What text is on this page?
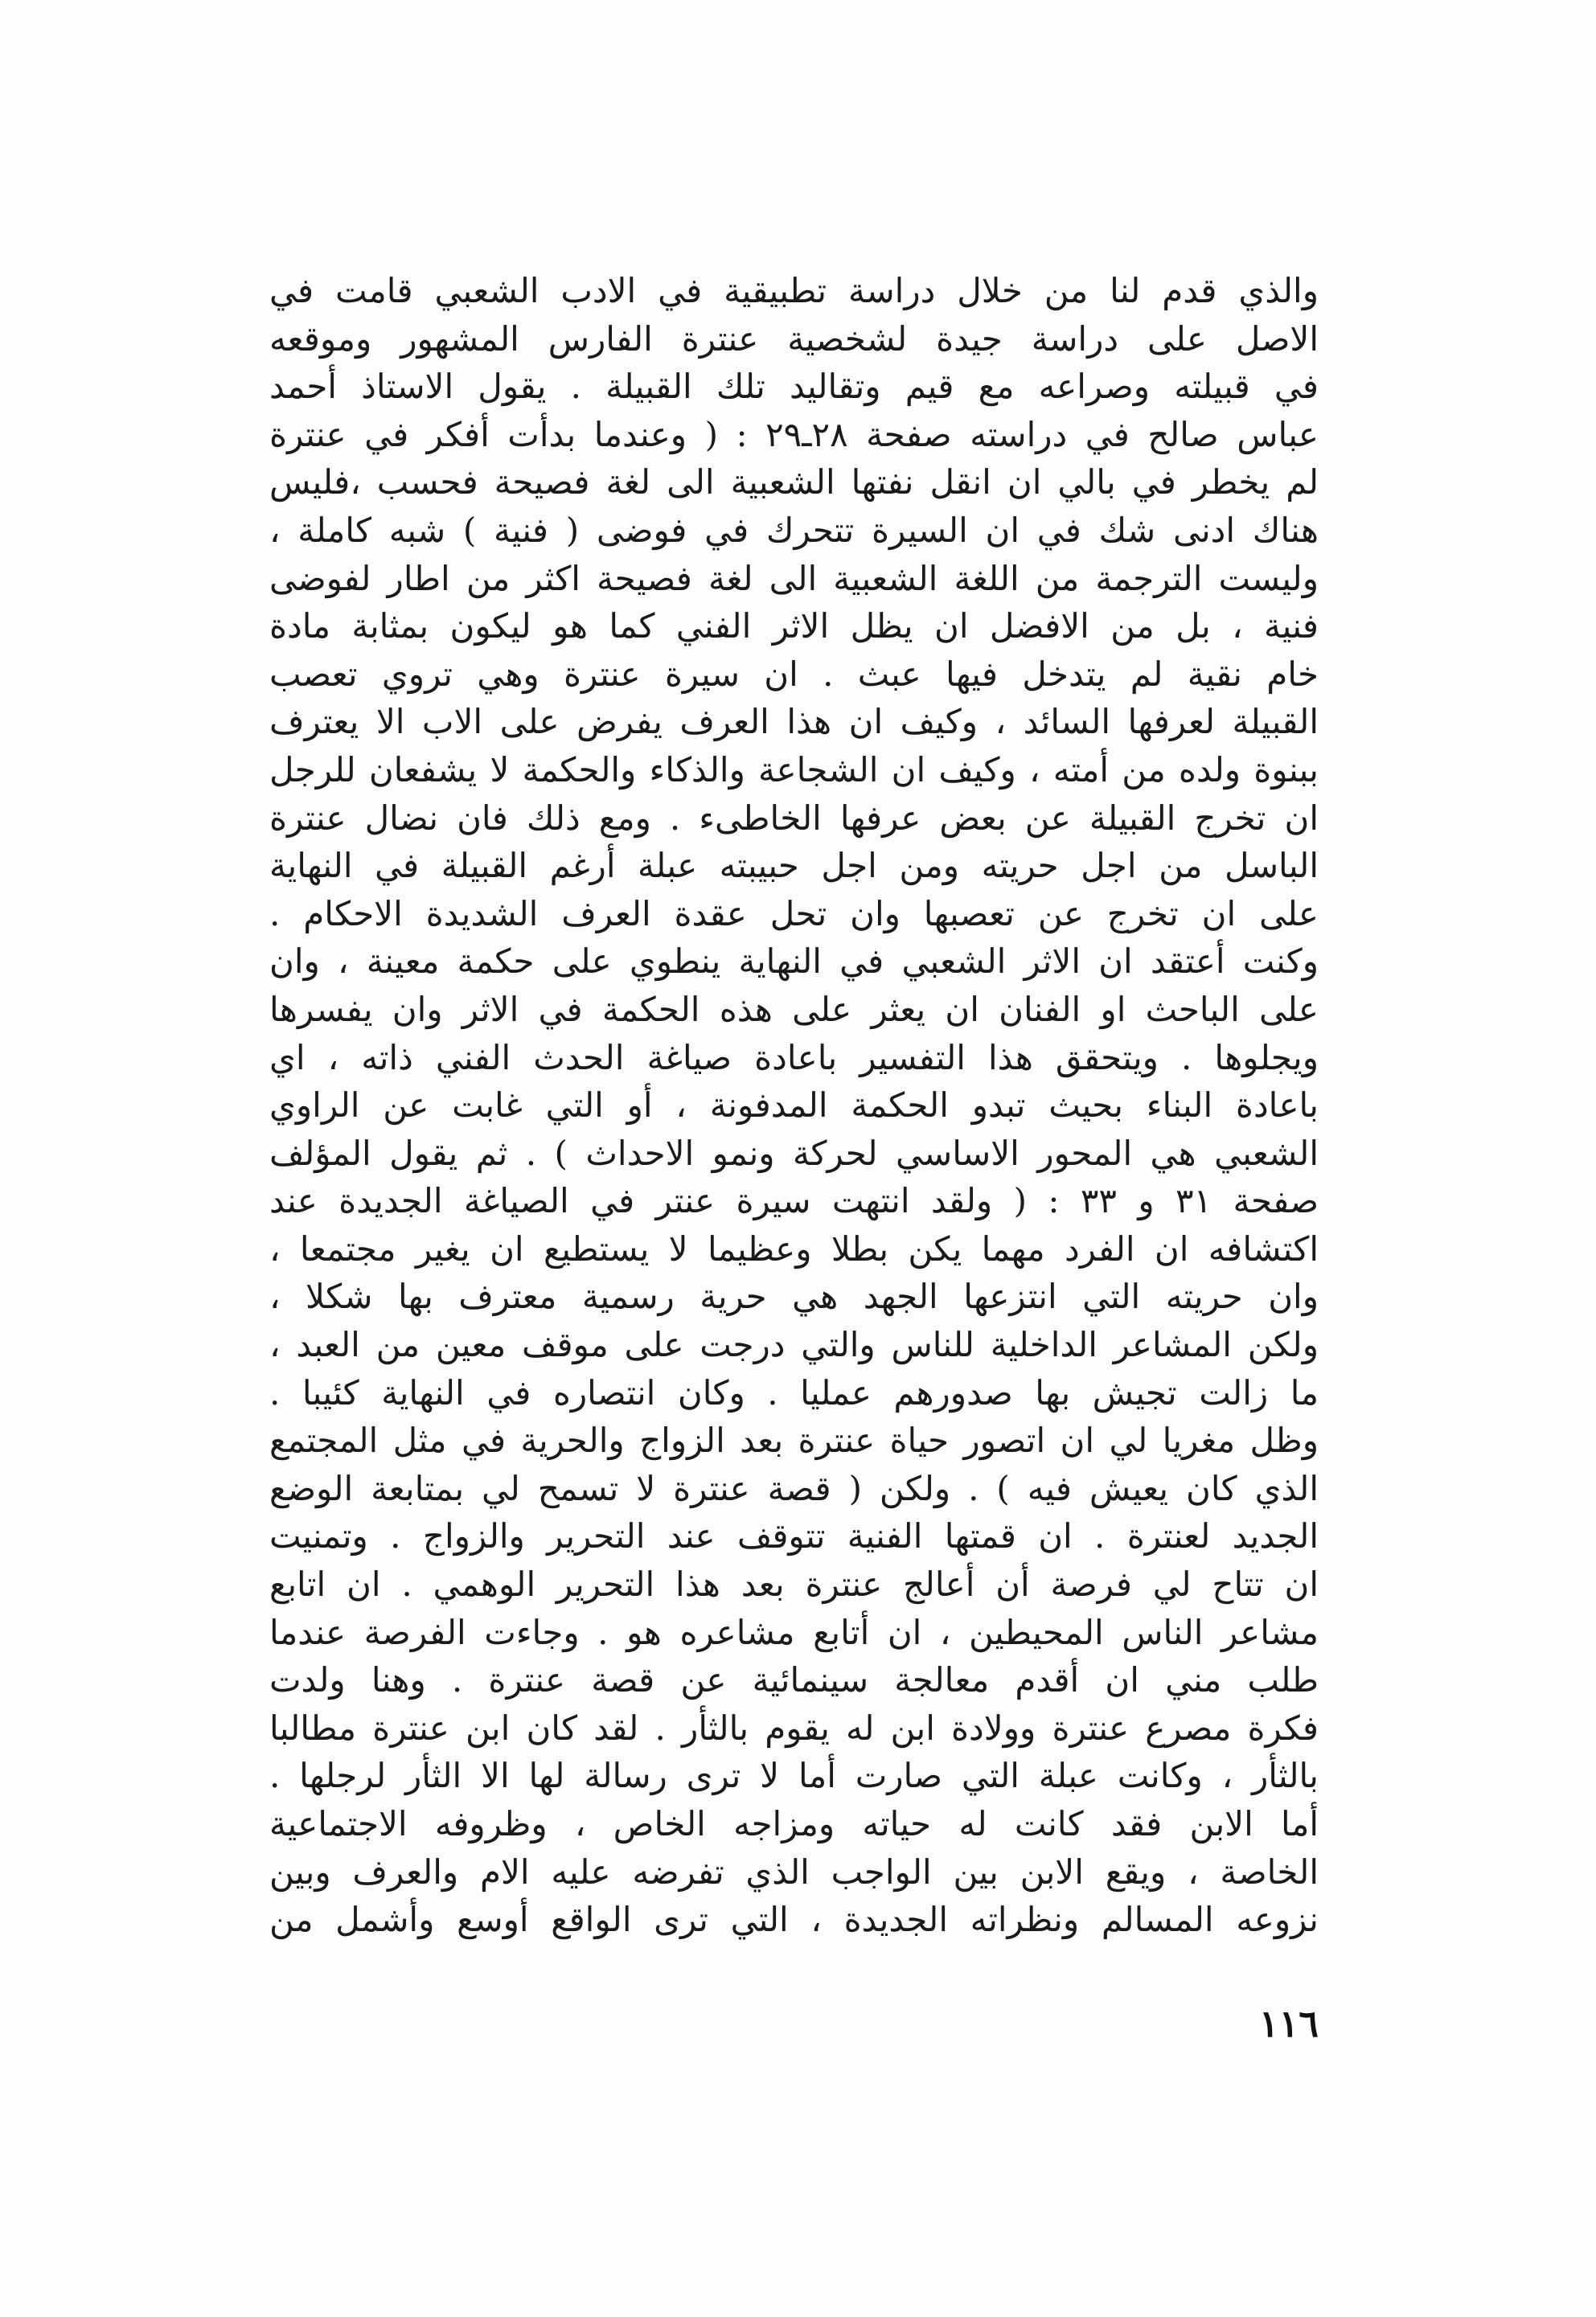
والذي قدم لنا من خلال دراسة تطبيقية في الادب الشعبي قامت في
الاصل على دراسة جيدة لشخصية عنترة الفارس المشهور وموقعه
في قبيلته وصراعه مع قيم وتقاليد تلك القبيلة . يقول الاستاذ أحمد
عباس صالح في دراسته صفحة ٢٨ـ٢٩ : ( وعندما بدأت أفكر في عنترة
لم يخطر في بالي ان انقل نفتها الشعبية الى لغة فصيحة فحسب ،فليس
هناك ادنى شك في ان السيرة تتحرك في فوضى ( فنية ) شبه كاملة ،
وليست الترجمة من اللغة الشعبية الى لغة فصيحة اكثر من اطار لفوضى
فنية ، بل من الافضل ان يظل الاثر الفني كما هو ليكون بمثابة مادة
خام نقية لم يتدخل فيها عبث . ان سيرة عنترة وهي تروي تعصب
القبيلة لعرفها السائد ، وكيف ان هذا العرف يفرض على الاب الا يعترف
ببنوة ولده من أمته ، وكيف ان الشجاعة والذكاء والحكمة لا يشفعان للرجل
ان تخرج القبيلة عن بعض عرفها الخاطىء . ومع ذلك فان نضال عنترة
الباسل من اجل حريته ومن اجل حبيبته عبلة أرغم القبيلة في النهاية
على ان تخرج عن تعصبها وان تحل عقدة العرف الشديدة الاحكام .
وكنت أعتقد ان الاثر الشعبي في النهاية ينطوي على حكمة معينة ، وان
على الباحث او الفنان ان يعثر على هذه الحكمة في الاثر وان يفسرها
ويجلوها . ويتحقق هذا التفسير باعادة صياغة الحدث الفني ذاته ، اي
باعادة البناء بحيث تبدو الحكمة المدفونة ، أو التي غابت عن الراوي
الشعبي هي المحور الاساسي لحركة ونمو الاحداث ) . ثم يقول المؤلف
صفحة ٣١ و ٣٣ : ( ولقد انتهت سيرة عنتر في الصياغة الجديدة عند
اكتشافه ان الفرد مهما يكن بطلا وعظيما لا يستطيع ان يغير مجتمعا ،
وان حريته التي انتزعها الجهد هي حرية رسمية معترف بها شكلا ،
ولكن المشاعر الداخلية للناس والتي درجت على موقف معين من العبد ،
ما زالت تجيش بها صدورهم عمليا . وكان انتصاره في النهاية كئيبا .
وظل مغريا لي ان اتصور حياة عنترة بعد الزواج والحرية في مثل المجتمع
الذي كان يعيش فيه ) . ولكن ( قصة عنترة لا تسمح لي بمتابعة الوضع
الجديد لعنترة . ان قمتها الفنية تتوقف عند التحرير والزواج . وتمنيت
ان تتاح لي فرصة أن أعالج عنترة بعد هذا التحرير الوهمي . ان اتابع
مشاعر الناس المحيطين ، ان أتابع مشاعره هو . وجاءت الفرصة عندما
طلب مني ان أقدم معالجة سينمائية عن قصة عنترة . وهنا ولدت
فكرة مصرع عنترة وولادة ابن له يقوم بالثأر . لقد كان ابن عنترة مطالبا
بالثأر ، وكانت عبلة التي صارت أما لا ترى رسالة لها الا الثأر لرجلها .
أما الابن فقد كانت له حياته ومزاجه الخاص ، وظروفه الاجتماعية
الخاصة ، ويقع الابن بين الواجب الذي تفرضه عليه الام والعرف وبين
نزوعه المسالم ونظراته الجديدة ، التي ترى الواقع أوسع وأشمل من
١١٦
